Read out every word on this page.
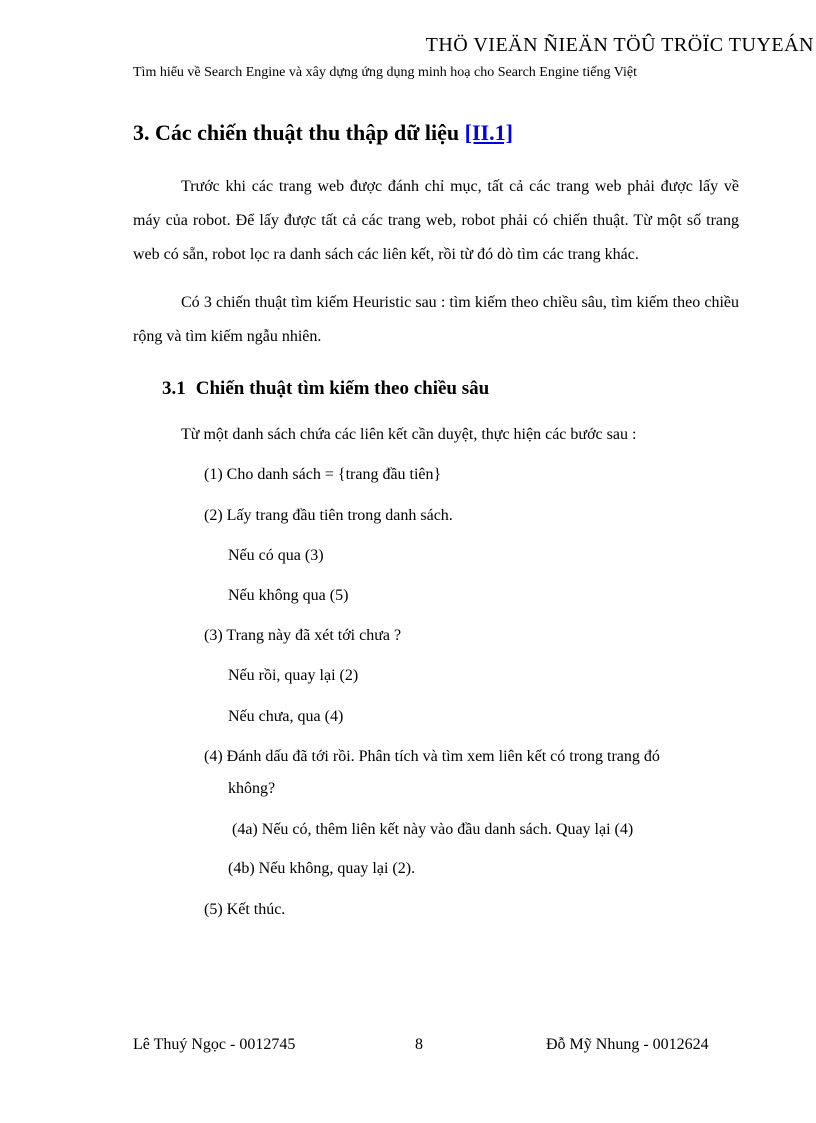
THÖ VIEÄN ÑIEÄN TÖÛ TRÖÏC TUYEÁN
Tìm hiểu về Search Engine và xây dựng ứng dụng minh hoạ cho Search Engine tiếng Việt
3. Các chiến thuật thu thập dữ liệu [II.1]

Trước khi các trang web được đánh chỉ mục, tất cả các trang web phải được lấy về máy của robot. Để lấy được tất cả các trang web, robot phải có chiến thuật. Từ một số trang web có sẵn, robot lọc ra danh sách các liên kết, rồi từ đó dò tìm các trang khác.

Có 3 chiến thuật tìm kiếm Heuristic sau : tìm kiếm theo chiều sâu, tìm kiếm theo chiều rộng và tìm kiếm ngẫu nhiên.

3.1 Chiến thuật tìm kiếm theo chiều sâu

Từ một danh sách chứa các liên kết cần duyệt, thực hiện các bước sau :

(1) Cho danh sách = {trang đầu tiên}

(2) Lấy trang đầu tiên trong danh sách.

Nếu có qua (3)

Nếu không qua (5)

(3) Trang này đã xét tới chưa ?

Nếu rồi, quay lại (2)

Nếu chưa, qua (4)

(4) Đánh dấu đã tới rồi. Phân tích và tìm xem liên kết có trong trang đó

không?

(4a) Nếu có, thêm liên kết này vào đầu danh sách. Quay lại (4)

(4b) Nếu không, quay lại (2).

(5) Kết thúc.

Lê Thuý Ngọc - 0012745	8	Đỗ Mỹ Nhung - 0012624
